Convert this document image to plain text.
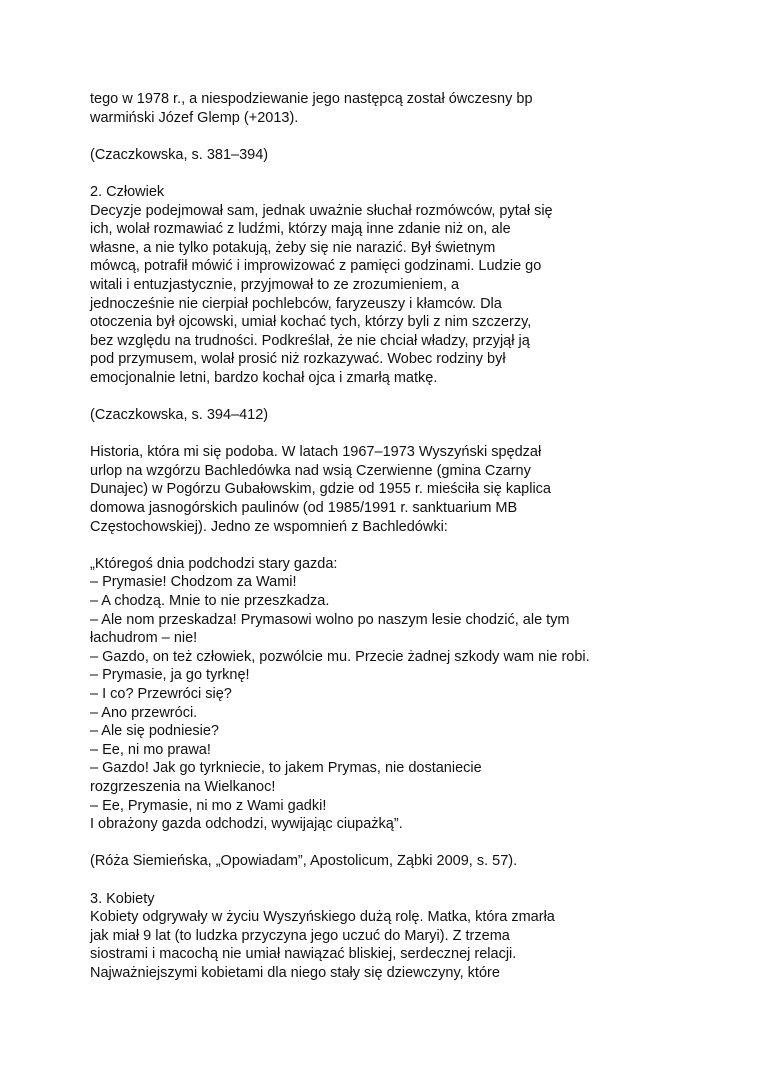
tego w 1978 r., a niespodziewanie jego następcą został ówczesny bp
warmiński Józef Glemp (+2013).
(Czaczkowska, s. 381–394)
2. Człowiek
Decyzje podejmował sam, jednak uważnie słuchał rozmówców, pytał się
ich, wolał rozmawiać z ludźmi, którzy mają inne zdanie niż on, ale
własne, a nie tylko potakują, żeby się nie narazić. Był świetnym
mówcą, potrafił mówić i improwizować z pamięci godzinami. Ludzie go
witali i entuzjastycznie, przyjmował to ze zrozumieniem, a
jednocześnie nie cierpiał pochlebców, faryzeuszy i kłamców. Dla
otoczenia był ojcowski, umiał kochać tych, którzy byli z nim szczerzy,
bez względu na trudności. Podkreślał, że nie chciał władzy, przyjął ją
pod przymusem, wolał prosić niż rozkazywać. Wobec rodziny był
emocjonalnie letni, bardzo kochał ojca i zmarłą matkę.
(Czaczkowska, s. 394–412)
Historia, która mi się podoba. W latach 1967–1973 Wyszyński spędzał
urlop na wzgórzu Bachledówka nad wsią Czerwienne (gmina Czarny
Dunajec) w Pogórzu Gubałowskim, gdzie od 1955 r. mieściła się kaplica
domowa jasnogórskich paulinów (od 1985/1991 r. sanktuarium MB
Częstochowskiej). Jedno ze wspomnień z Bachledówki:
„Któregoś dnia podchodzi stary gazda:
– Prymasie! Chodzom za Wami!
– A chodzą. Mnie to nie przeszkadza.
– Ale nom przeskadza! Prymasowi wolno po naszym lesie chodzić, ale tym
łachudrom – nie!
– Gazdo, on też człowiek, pozwólcie mu. Przecie żadnej szkody wam nie robi.
– Prymasie, ja go tyrknę!
– I co? Przewróci się?
– Ano przewróci.
– Ale się podniesie?
– Ee, ni mo prawa!
– Gazdo! Jak go tyrkniecie, to jakem Prymas, nie dostaniecie
rozgrzeszenia na Wielkanoc!
– Ee, Prymasie, ni mo z Wami gadki!
I obrażony gazda odchodzi, wywijając ciupażką”.
(Róża Siemieńska, „Opowiadam”, Apostolicum, Ząbki 2009, s. 57).
3. Kobiety
Kobiety odgrywały w życiu Wyszyńskiego dużą rolę. Matka, która zmarła
jak miał 9 lat (to ludzka przyczyna jego uczuć do Maryi). Z trzema
siostrami i macochą nie umiał nawiązać bliskiej, serdecznej relacji.
Najważniejszymi kobietami dla niego stały się dziewczyny, które
